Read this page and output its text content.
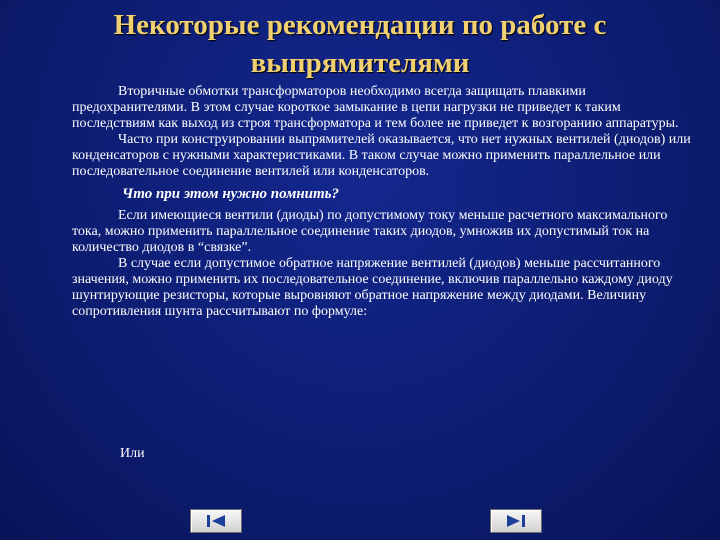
Некоторые рекомендации по работе с
выпрямителями

Вторичные обмотки трансформаторов необходимо всегда защищать плавкими предохранителями. В этом случае короткое замыкание в цепи нагрузки не приведет к таким последствиям как выход из строя трансформатора и тем более не приведет к возгоранию аппаратуры.

Часто при конструировании выпрямителей оказывается, что нет нужных вентилей (диодов) или конденсаторов с нужными характеристиками. В таком случае можно применить параллельное или последовательное соединение вентилей или конденсаторов.

Что при этом нужно помнить?

Если имеющиеся вентили (диоды) по допустимому току меньше расчетного максимального тока, можно применить параллельное соединение таких диодов, умножив их допустимый ток на количество диодов в “связке”.

В случае если допустимое обратное напряжение вентилей (диодов) меньше рассчитанного значения, можно применить их последовательное соединение, включив параллельно каждому диоду шунтирующие резисторы, которые выровняют обратное напряжение между диодами. Величину сопротивления шунта рассчитывают по формуле:

Или
